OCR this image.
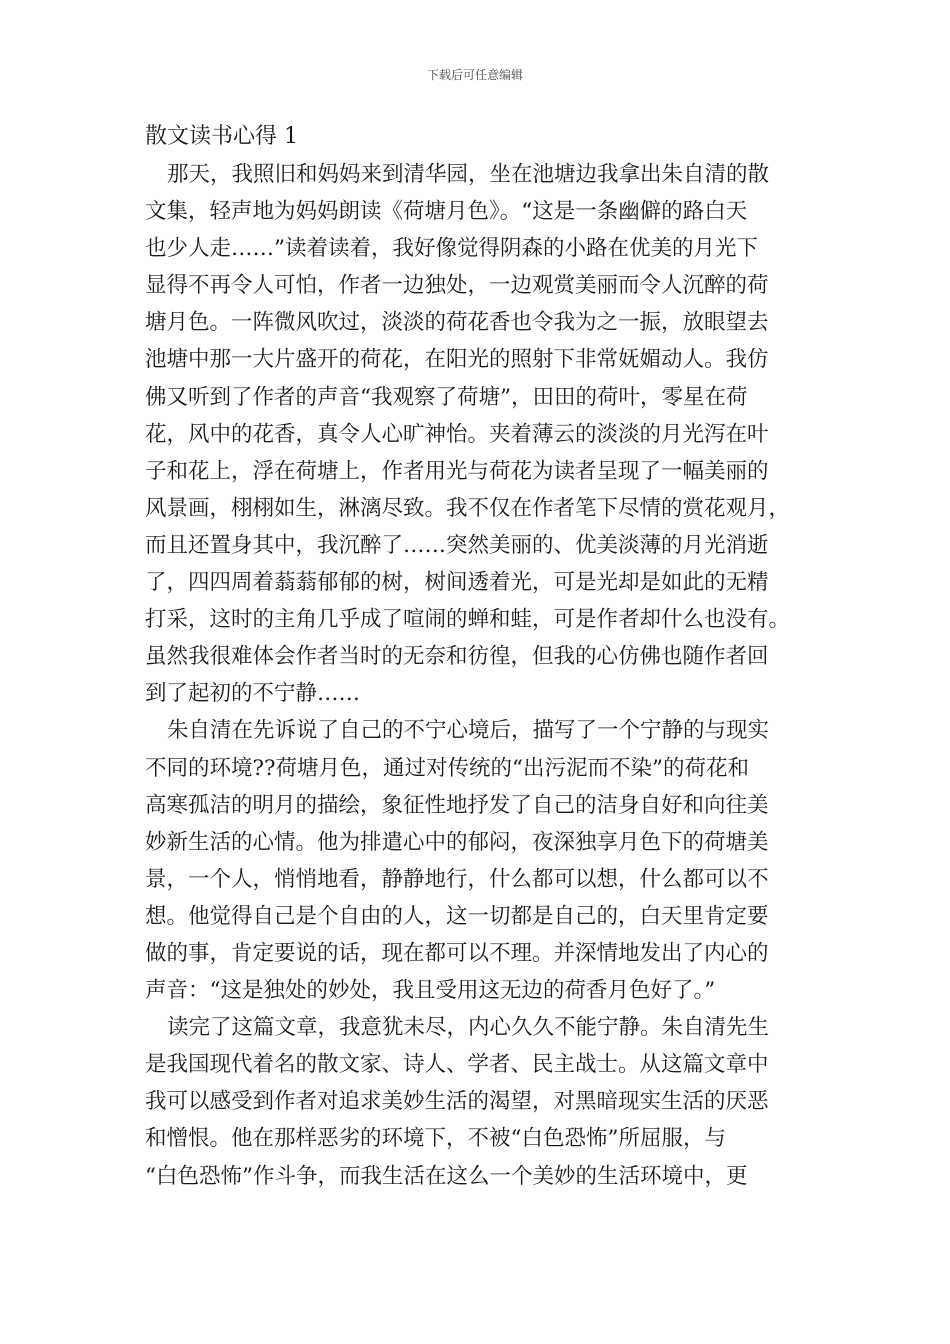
下载后可任意编辑
散文读书心得 1
那天，我照旧和妈妈来到清华园，坐在池塘边我拿出朱自清的散
文集，轻声地为妈妈朗读《荷塘月色》。“这是一条幽僻的路白天
也少人走……”读着读着，我好像觉得阴森的小路在优美的月光下
显得不再令人可怕，作者一边独处，一边观赏美丽而令人沉醉的荷
塘月色。一阵微风吹过，淡淡的荷花香也令我为之一振，放眼望去
池塘中那一大片盛开的荷花，在阳光的照射下非常妩媚动人。我仿
佛又听到了作者的声音“我观察了荷塘”，田田的荷叶，零星在荷
花，风中的花香，真令人心旷神怡。夹着薄云的淡淡的月光泻在叶
子和花上，浮在荷塘上，作者用光与荷花为读者呈现了一幅美丽的
风景画，栩栩如生，淋漓尽致。我不仅在作者笔下尽情的赏花观月，
而且还置身其中，我沉醉了……突然美丽的、优美淡薄的月光消逝
了，四四周着蓊蓊郁郁的树，树间透着光，可是光却是如此的无精
打采，这时的主角几乎成了喧闹的蝉和蛙，可是作者却什么也没有。
虽然我很难体会作者当时的无奈和彷徨，但我的心仿佛也随作者回
到了起初的不宁静……
朱自清在先诉说了自己的不宁心境后，描写了一个宁静的与现实
不同的环境??荷塘月色，通过对传统的“出污泥而不染”的荷花和
高寒孤洁的明月的描绘，象征性地抒发了自己的洁身自好和向往美
妙新生活的心情。他为排遣心中的郁闷，夜深独享月色下的荷塘美
景，一个人，悄悄地看，静静地行，什么都可以想，什么都可以不
想。他觉得自己是个自由的人，这一切都是自己的，白天里肯定要
做的事，肯定要说的话，现在都可以不理。并深情地发出了内心的
声音：“这是独处的妙处，我且受用这无边的荷香月色好了。”
读完了这篇文章，我意犹未尽，内心久久不能宁静。朱自清先生
是我国现代着名的散文家、诗人、学者、民主战士。从这篇文章中
我可以感受到作者对追求美妙生活的渴望，对黑暗现实生活的厌恶
和憎恨。他在那样恶劣的环境下，不被“白色恐怖”所屈服，与
“白色恐怖”作斗争，而我生活在这么一个美妙的生活环境中，更
